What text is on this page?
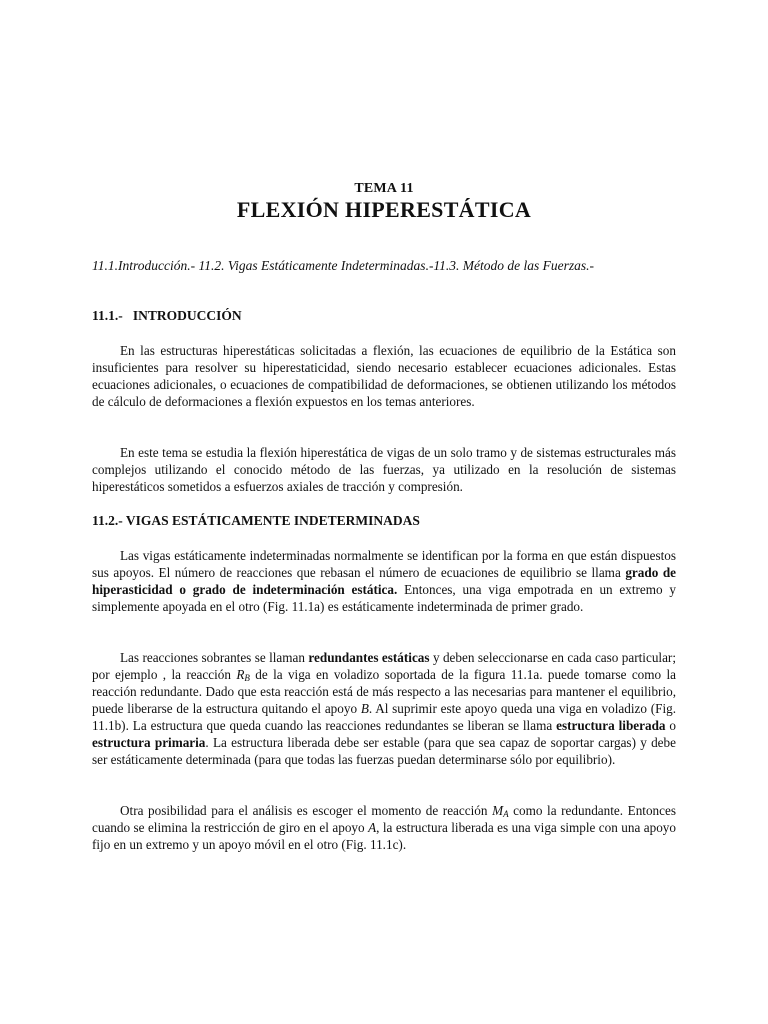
TEMA 11
FLEXIÓN HIPERESTÁTICA
11.1.Introducción.- 11.2. Vigas Estáticamente Indeterminadas.-11.3. Método de las Fuerzas.-
11.1.-   INTRODUCCIÓN

En las estructuras hiperestáticas solicitadas a flexión, las ecuaciones de equilibrio de la Estática son insuficientes para resolver su hiperestaticidad, siendo necesario establecer ecuaciones adicionales. Estas ecuaciones adicionales, o ecuaciones de compatibilidad de deformaciones, se obtienen utilizando los métodos de cálculo de deformaciones a flexión expuestos en los temas anteriores.

En este tema se estudia la flexión hiperestática de vigas de un solo tramo y de sistemas estructurales más complejos utilizando el conocido método de las fuerzas, ya utilizado en la resolución de sistemas hiperestáticos sometidos a esfuerzos axiales de tracción y compresión.

11.2.- VIGAS ESTÁTICAMENTE INDETERMINADAS

Las vigas estáticamente indeterminadas normalmente se identifican por la forma en que están dispuestos sus apoyos. El número de reacciones que rebasan el número de ecuaciones de equilibrio se llama grado de hiperasticidad o grado de indeterminación estática. Entonces, una viga empotrada en un extremo y simplemente apoyada en el otro (Fig. 11.1a) es estáticamente indeterminada de primer grado.

Las reacciones sobrantes se llaman redundantes estáticas y deben seleccionarse en cada caso particular; por ejemplo , la reacción $R_B$ de la viga en voladizo soportada de la figura 11.1a. puede tomarse como la reacción redundante. Dado que esta reacción está de más respecto a las necesarias para mantener el equilibrio, puede liberarse de la estructura quitando el apoyo B. Al suprimir este apoyo queda una viga en voladizo (Fig. 11.1b). La estructura que queda cuando las reacciones redundantes se liberan se llama estructura liberada o estructura primaria. La estructura liberada debe ser estable (para que sea capaz de soportar cargas) y debe ser estáticamente determinada (para que todas las fuerzas puedan determinarse sólo por equilibrio).

Otra posibilidad para el análisis es escoger el momento de reacción $M_A$ como la redundante. Entonces cuando se elimina la restricción de giro en el apoyo A, la estructura liberada es una viga simple con una apoyo fijo en un extremo y un apoyo móvil en el otro (Fig. 11.1c).
